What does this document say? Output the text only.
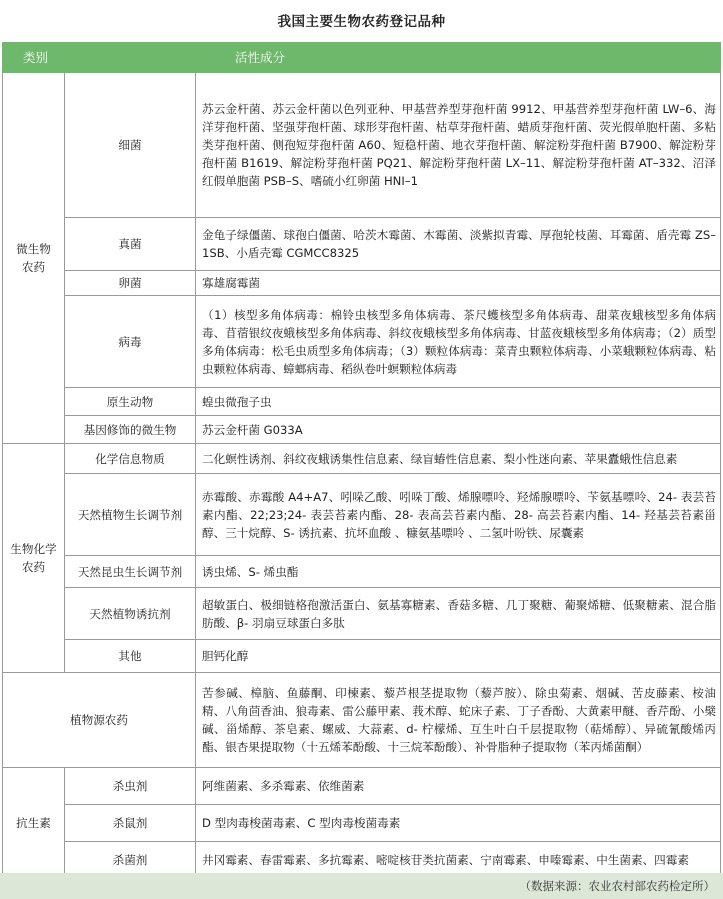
我国主要生物农药登记品种
类别	活性成分	
微生物
农药	细菌	苏云金杆菌、苏云金杆菌以色列亚种、甲基营养型芽孢杆菌 9912、甲基营养型芽孢杆菌 LW–6、海洋芽孢杆菌、坚强芽孢杆菌、球形芽孢杆菌、枯草芽孢杆菌、蜡质芽孢杆菌、荧光假单胞杆菌、多粘类芽孢杆菌、侧孢短芽孢杆菌 A60、短稳杆菌、地衣芽孢杆菌、解淀粉芽孢杆菌 B7900、解淀粉芽孢杆菌 B1619、解淀粉芽孢杆菌 PQ21、解淀粉芽孢杆菌 LX–11、解淀粉芽孢杆菌 AT–332、沼泽红假单胞菌 PSB–S、嗜硫小红卵菌 HNI–1
	真菌	金龟子绿僵菌、球孢白僵菌、哈茨木霉菌、木霉菌、淡紫拟青霉、厚孢轮枝菌、耳霉菌、盾壳霉 ZS–1SB、小盾壳霉 CGMCC8325
	卵菌	寡雄腐霉菌
	病毒	（1）核型多角体病毒：棉铃虫核型多角体病毒、茶尺蠖核型多角体病毒、甜菜夜蛾核型多角体病毒、苜蓿银纹夜蛾核型多角体病毒、斜纹夜蛾核型多角体病毒、甘蓝夜蛾核型多角体病毒；（2）质型多角体病毒：松毛虫质型多角体病毒；（3）颗粒体病毒：菜青虫颗粒体病毒、小菜蛾颗粒体病毒、粘虫颗粒体病毒、蟑螂病毒、稻纵卷叶螟颗粒体病毒
	原生动物	蝗虫微孢子虫
	基因修饰的微生物	苏云金杆菌 G033A
生物化学
农药	化学信息物质	二化螟性诱剂、斜纹夜蛾诱集性信息素、绿盲蝽性信息素、梨小性迷向素、苹果蠹蛾性信息素
	天然植物生长调节剂	赤霉酸、赤霉酸 A4+A7、吲哚乙酸、吲哚丁酸、烯腺嘌呤、羟烯腺嘌呤、苄氨基嘌呤、24- 表芸苔素内酯、22;23;24- 表芸苔素内酯、28- 表高芸苔素内酯、28- 高芸苔素内酯、14- 羟基芸苔素甾醇、三十烷醇、S- 诱抗素、抗坏血酸 、糠氨基嘌呤 、二氢叶吩铁、尿囊素
	天然昆虫生长调节剂	诱虫烯、S- 烯虫酯
	天然植物诱抗剂	超敏蛋白、极细链格孢激活蛋白、氨基寡糖素、香菇多糖、几丁聚糖、葡聚烯糖、低聚糖素、混合脂肪酸、β- 羽扇豆球蛋白多肽
	其他	胆钙化醇
植物源农药		苦参碱、樟脑、鱼藤酮、印楝素、藜芦根茎提取物（藜芦胺）、除虫菊素、烟碱、苦皮藤素、桉油精、八角茴香油、狼毒素、雷公藤甲素、莪术醇、蛇床子素、丁子香酚、大黄素甲醚、香芹酚、小檗碱、甾烯醇、茶皂素、螺威、大蒜素、d- 柠檬烯、互生叶白千层提取物（萜烯醇）、异硫氰酸烯丙酯、银杏果提取物（十五烯苯酚酸、十三烷苯酚酸）、补骨脂种子提取物（苯丙烯菌酮）
抗生素	杀虫剂	阿维菌素、多杀霉素、依维菌素
	杀鼠剂	D 型肉毒梭菌毒素、C 型肉毒梭菌毒素
	杀菌剂	井冈霉素、春雷霉素、多抗霉素、嘧啶核苷类抗菌素、宁南霉素、申嗪霉素、中生菌素、四霉素
（数据来源：农业农村部农药检定所）
